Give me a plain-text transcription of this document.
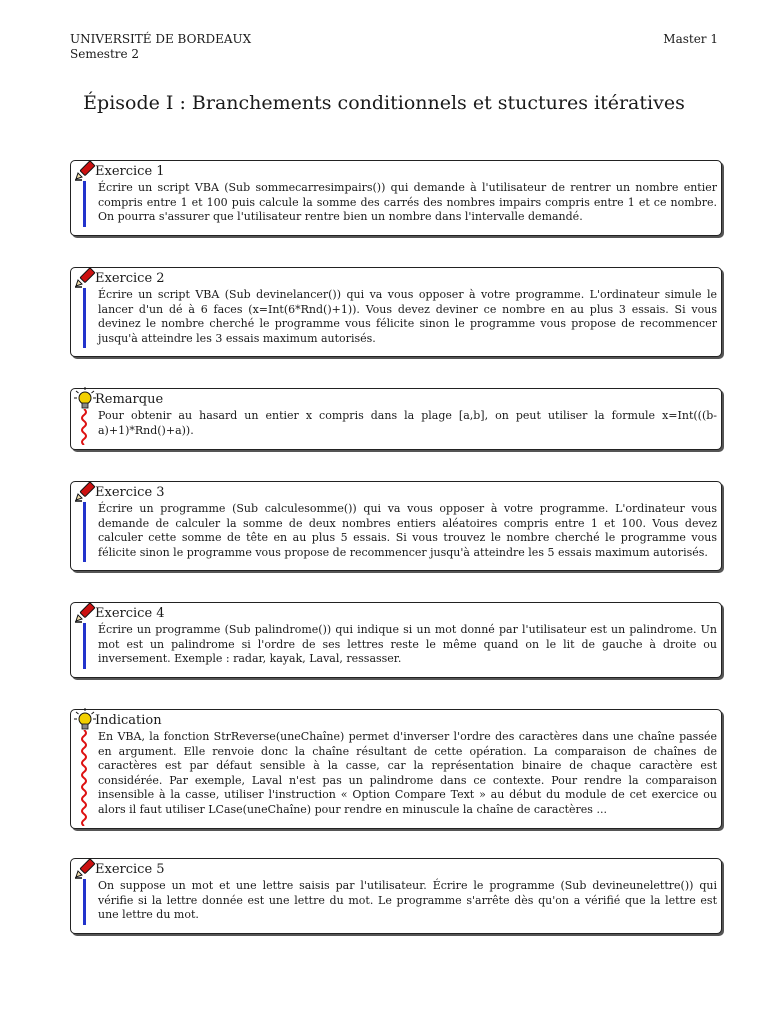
UNIVERSITÉ DE BORDEAUX
Semestre 2
Master 1
Épisode I : Branchements conditionnels et stuctures itératives
Exercice 1
Écrire un script VBA (Sub sommecarresimpairs()) qui demande à l'utilisateur de rentrer un nombre entier compris entre 1 et 100 puis calcule la somme des carrés des nombres impairs compris entre 1 et ce nombre. On pourra s'assurer que l'utilisateur rentre bien un nombre dans l'intervalle demandé.
Exercice 2
Écrire un script VBA (Sub devinelancer()) qui va vous opposer à votre programme. L'ordinateur simule le lancer d'un dé à 6 faces (x=Int(6*Rnd()+1)). Vous devez deviner ce nombre en au plus 3 essais. Si vous devinez le nombre cherché le programme vous félicite sinon le programme vous propose de recommencer jusqu'à atteindre les 3 essais maximum autorisés.
Remarque
Pour obtenir au hasard un entier x compris dans la plage [a,b], on peut utiliser la formule x=Int(((b-a)+1)*Rnd()+a)).
Exercice 3
Écrire un programme (Sub calculesomme()) qui va vous opposer à votre programme. L'ordinateur vous demande de calculer la somme de deux nombres entiers aléatoires compris entre 1 et 100. Vous devez calculer cette somme de tête en au plus 5 essais. Si vous trouvez le nombre cherché le programme vous félicite sinon le programme vous propose de recommencer jusqu'à atteindre les 5 essais maximum autorisés.
Exercice 4
Écrire un programme (Sub palindrome()) qui indique si un mot donné par l'utilisateur est un palindrome. Un mot est un palindrome si l'ordre de ses lettres reste le même quand on le lit de gauche à droite ou inversement. Exemple : radar, kayak, Laval, ressasser.
Indication
En VBA, la fonction StrReverse(uneChaîne) permet d'inverser l'ordre des caractères dans une chaîne passée en argument. Elle renvoie donc la chaîne résultant de cette opération. La comparaison de chaînes de caractères est par défaut sensible à la casse, car la représentation binaire de chaque caractère est considérée. Par exemple, Laval n'est pas un palindrome dans ce contexte. Pour rendre la comparaison insensible à la casse, utiliser l'instruction « Option Compare Text » au début du module de cet exercice ou alors il faut utiliser LCase(uneChaîne) pour rendre en minuscule la chaîne de caractères ...
Exercice 5
On suppose un mot et une lettre saisis par l'utilisateur. Écrire le programme (Sub devineunelettre()) qui vérifie si la lettre donnée est une lettre du mot. Le programme s'arrête dès qu'on a vérifié que la lettre est une lettre du mot.
